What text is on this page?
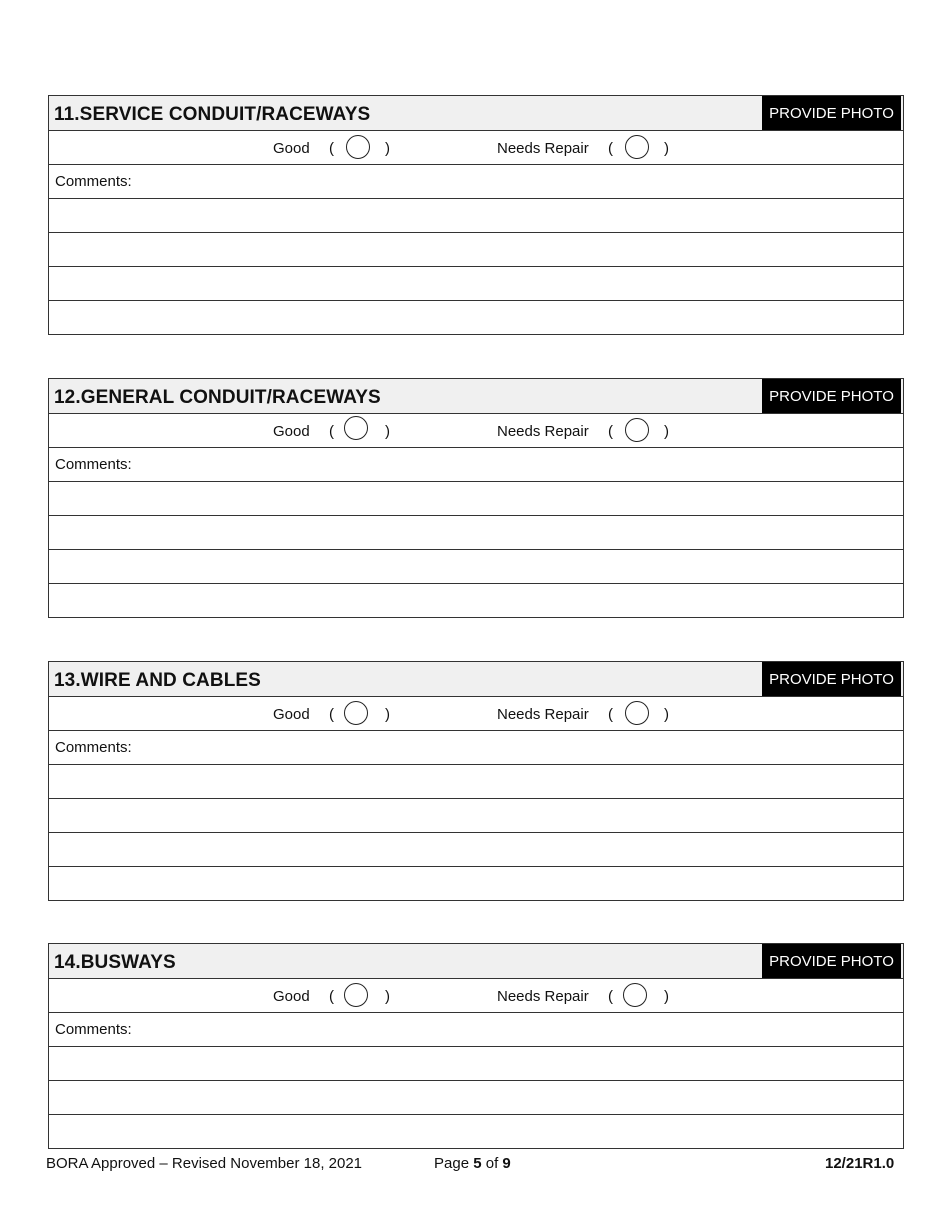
11.SERVICE CONDUIT/RACEWAYS	PROVIDE PHOTO
Good (	)	Needs Repair (	)
Comments:
12.GENERAL CONDUIT/RACEWAYS	PROVIDE PHOTO
Good (	)	Needs Repair (	)
Comments:
13.WIRE AND CABLES	PROVIDE PHOTO
Good (	)	Needs Repair (	)
Comments:
14.BUSWAYS	PROVIDE PHOTO
Good (	)	Needs Repair (	)
Comments:
BORA Approved – Revised November 18, 2021	Page 5 of 9	12/21R1.0
